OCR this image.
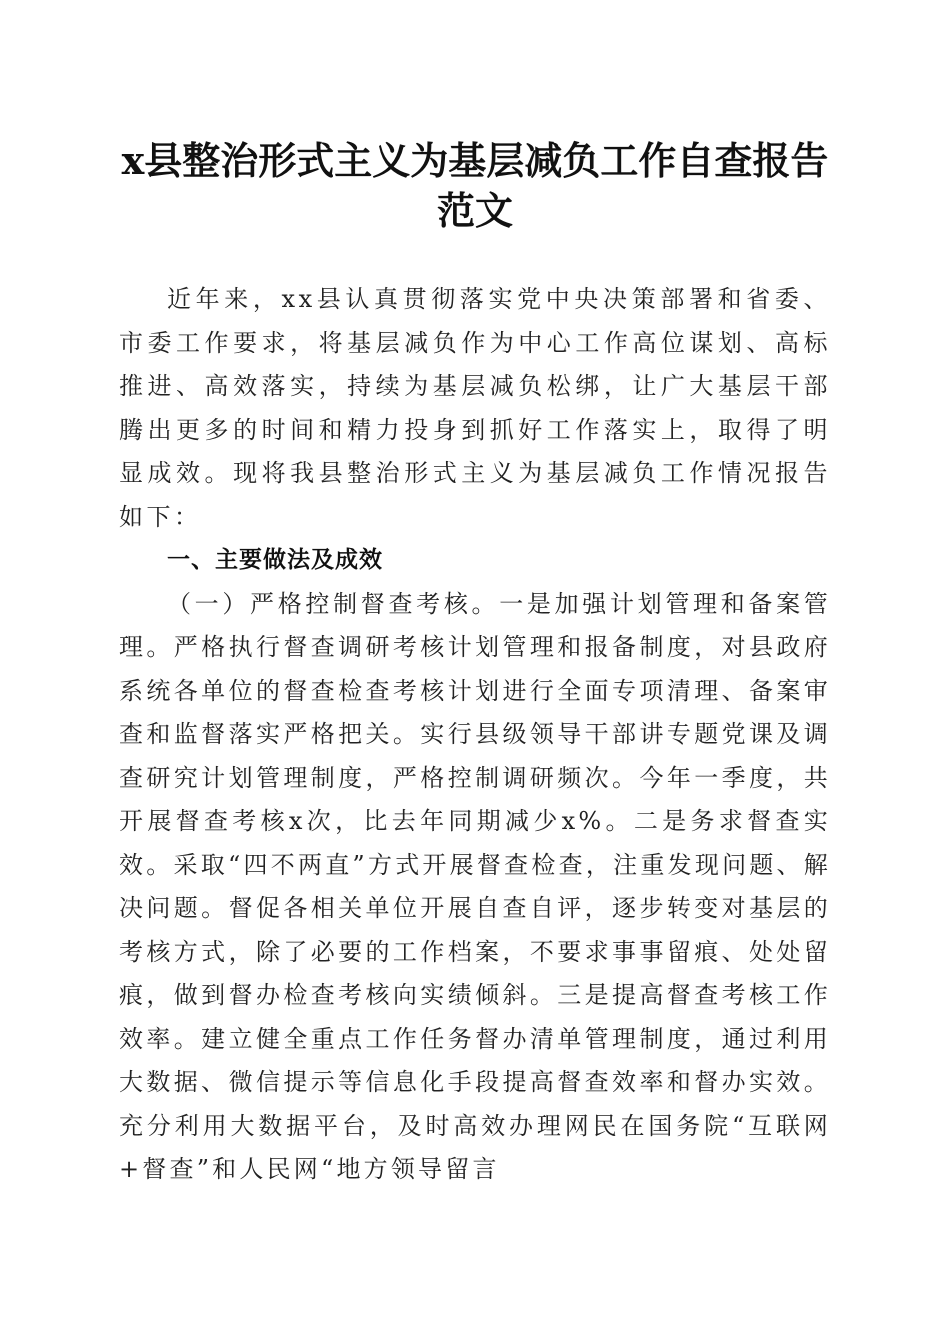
x县整治形式主义为基层减负工作自查报告范文

近年来，xx县认真贯彻落实党中央决策部署和省委、市委工作要求，将基层减负作为中心工作高位谋划、高标推进、高效落实，持续为基层减负松绑，让广大基层干部腾出更多的时间和精力投身到抓好工作落实上，取得了明显成效。现将我县整治形式主义为基层减负工作情况报告如下：

一、主要做法及成效

（一）严格控制督查考核。一是加强计划管理和备案管理。严格执行督查调研考核计划管理和报备制度，对县政府系统各单位的督查检查考核计划进行全面专项清理、备案审查和监督落实严格把关。实行县级领导干部讲专题党课及调查研究计划管理制度，严格控制调研频次。今年一季度，共开展督查考核x次，比去年同期减少x%。二是务求督查实效。采取“四不两直”方式开展督查检查，注重发现问题、解决问题。督促各相关单位开展自查自评，逐步转变对基层的考核方式，除了必要的工作档案，不要求事事留痕、处处留痕，做到督办检查考核向实绩倾斜。三是提高督查考核工作效率。建立健全重点工作任务督办清单管理制度，通过利用大数据、微信提示等信息化手段提高督查效率和督办实效。充分利用大数据平台，及时高效办理网民在国务院“互联网+督查”和人民网“地方领导留言
